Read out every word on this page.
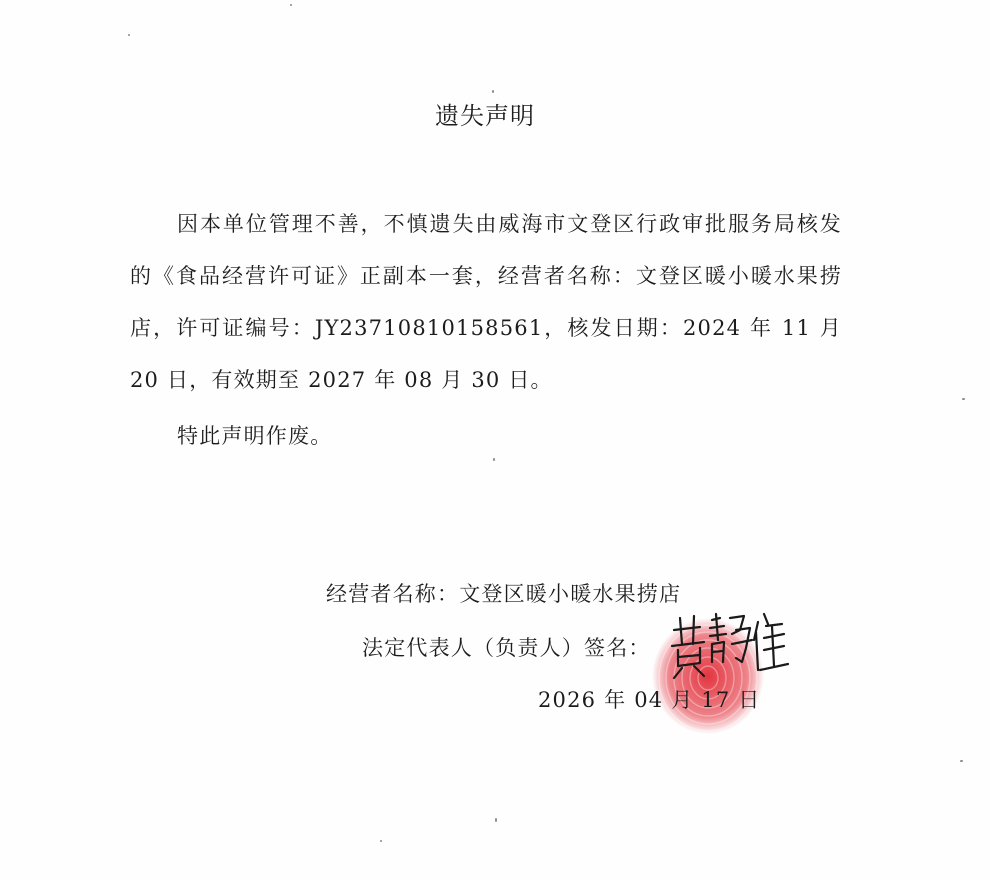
遗失声明

因本单位管理不善，不慎遗失由威海市文登区行政审批服务局核发的《食品经营许可证》正副本一套，经营者名称：文登区暖小暖水果捞店，许可证编号：JY23710810158561，核发日期：2024 年 11 月 20 日，有效期至 2027 年 08 月 30 日。

特此声明作废。

经营者名称：文登区暖小暖水果捞店
法定代表人（负责人）签名：
2026 年 04 月 17 日
